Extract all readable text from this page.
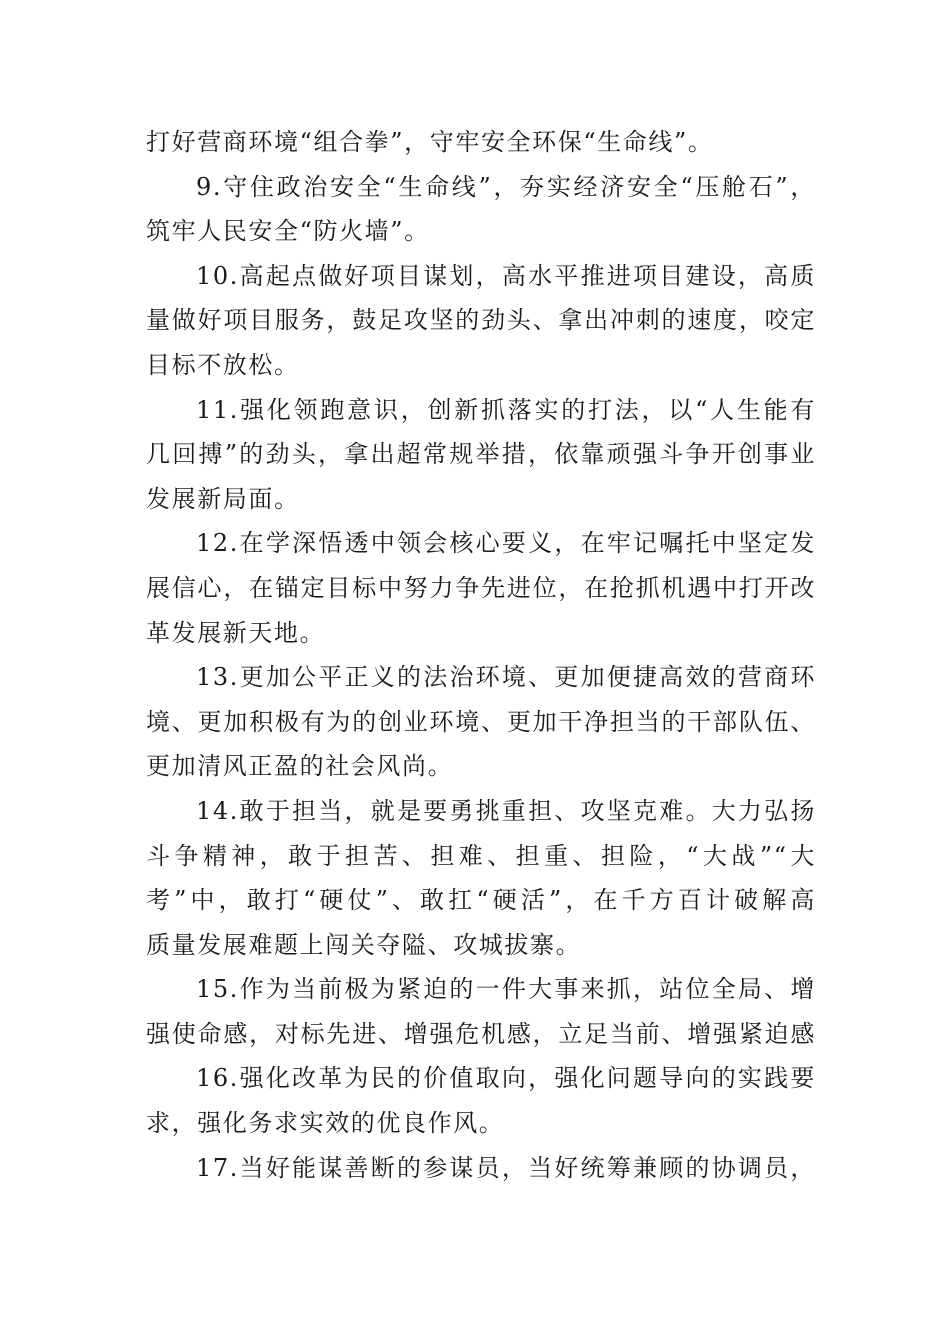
打好营商环境“组合拳”，守牢安全环保“生命线”。
9.守住政治安全“生命线”，夯实经济安全“压舱石”，
筑牢人民安全“防火墙”。
10.高起点做好项目谋划，高水平推进项目建设，高质
量做好项目服务，鼓足攻坚的劲头、拿出冲刺的速度，咬定
目标不放松。
11.强化领跑意识，创新抓落实的打法，以“人生能有
几回搏”的劲头，拿出超常规举措，依靠顽强斗争开创事业
发展新局面。
12.在学深悟透中领会核心要义，在牢记嘱托中坚定发
展信心，在锚定目标中努力争先进位，在抢抓机遇中打开改
革发展新天地。
13.更加公平正义的法治环境、更加便捷高效的营商环
境、更加积极有为的创业环境、更加干净担当的干部队伍、
更加清风正盈的社会风尚。
14.敢于担当，就是要勇挑重担、攻坚克难。大力弘扬
斗争精神，敢于担苦、担难、担重、担险，“大战”“大
考”中，敢打“硬仗”、敢扛“硬活”，在千方百计破解高
质量发展难题上闯关夺隘、攻城拔寨。
15.作为当前极为紧迫的一件大事来抓，站位全局、增
强使命感，对标先进、增强危机感，立足当前、增强紧迫感
16.强化改革为民的价值取向，强化问题导向的实践要
求，强化务求实效的优良作风。
17.当好能谋善断的参谋员，当好统筹兼顾的协调员，
